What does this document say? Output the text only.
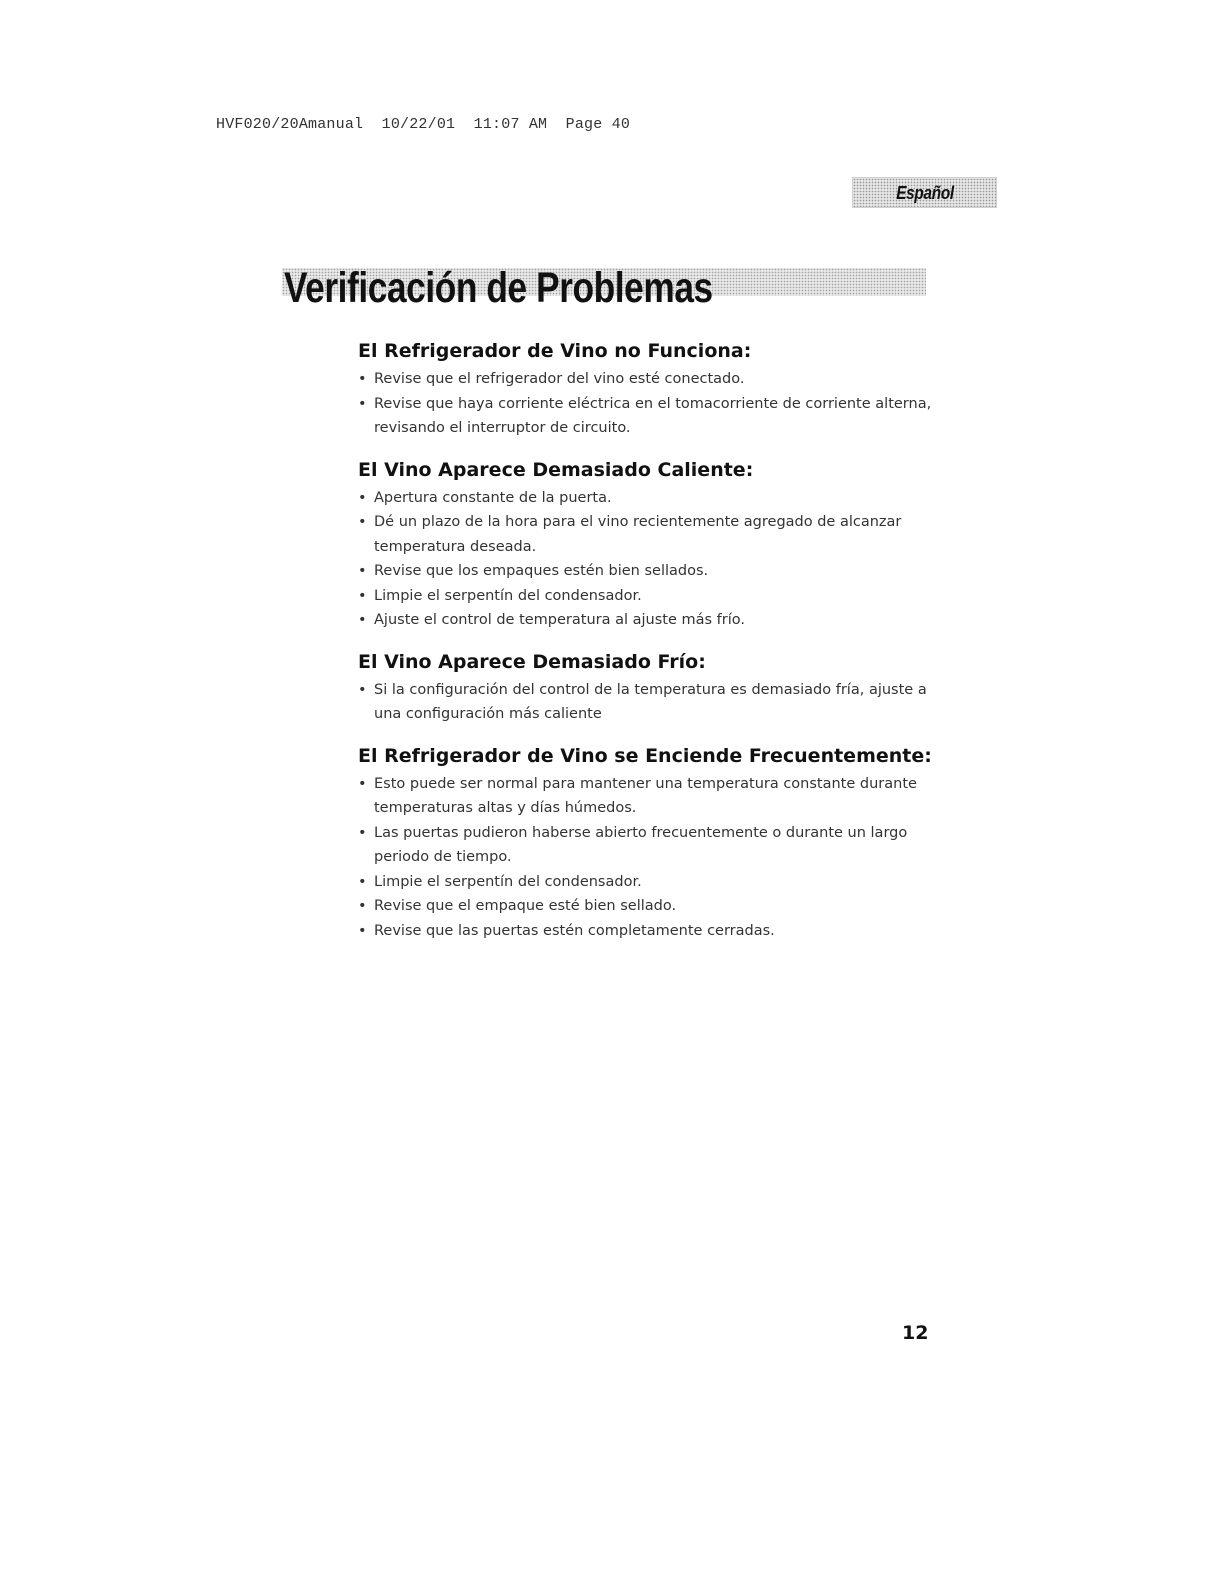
HVF020/20Amanual  10/22/01  11:07 AM  Page 40
Español
Verificación de Problemas
El Refrigerador de Vino no Funciona:
• Revise que el refrigerador del vino esté conectado.
• Revise que haya corriente eléctrica en el tomacorriente de corriente alterna, revisando el interruptor de circuito.
El Vino Aparece Demasiado Caliente:
• Apertura constante de la puerta.
• Dé un plazo de la hora para el vino recientemente agregado de alcanzar temperatura deseada.
• Revise que los empaques estén bien sellados.
• Limpie el serpentín del condensador.
• Ajuste el control de temperatura al ajuste más frío.
El Vino Aparece Demasiado Frío:
• Si la configuración del control de la temperatura es demasiado fría, ajuste a una configuración más caliente
El Refrigerador de Vino se Enciende Frecuentemente:
• Esto puede ser normal para mantener una temperatura constante durante temperaturas altas y días húmedos.
• Las puertas pudieron haberse abierto frecuentemente o durante un largo periodo de tiempo.
• Limpie el serpentín del condensador.
• Revise que el empaque esté bien sellado.
• Revise que las puertas estén completamente cerradas.
12
